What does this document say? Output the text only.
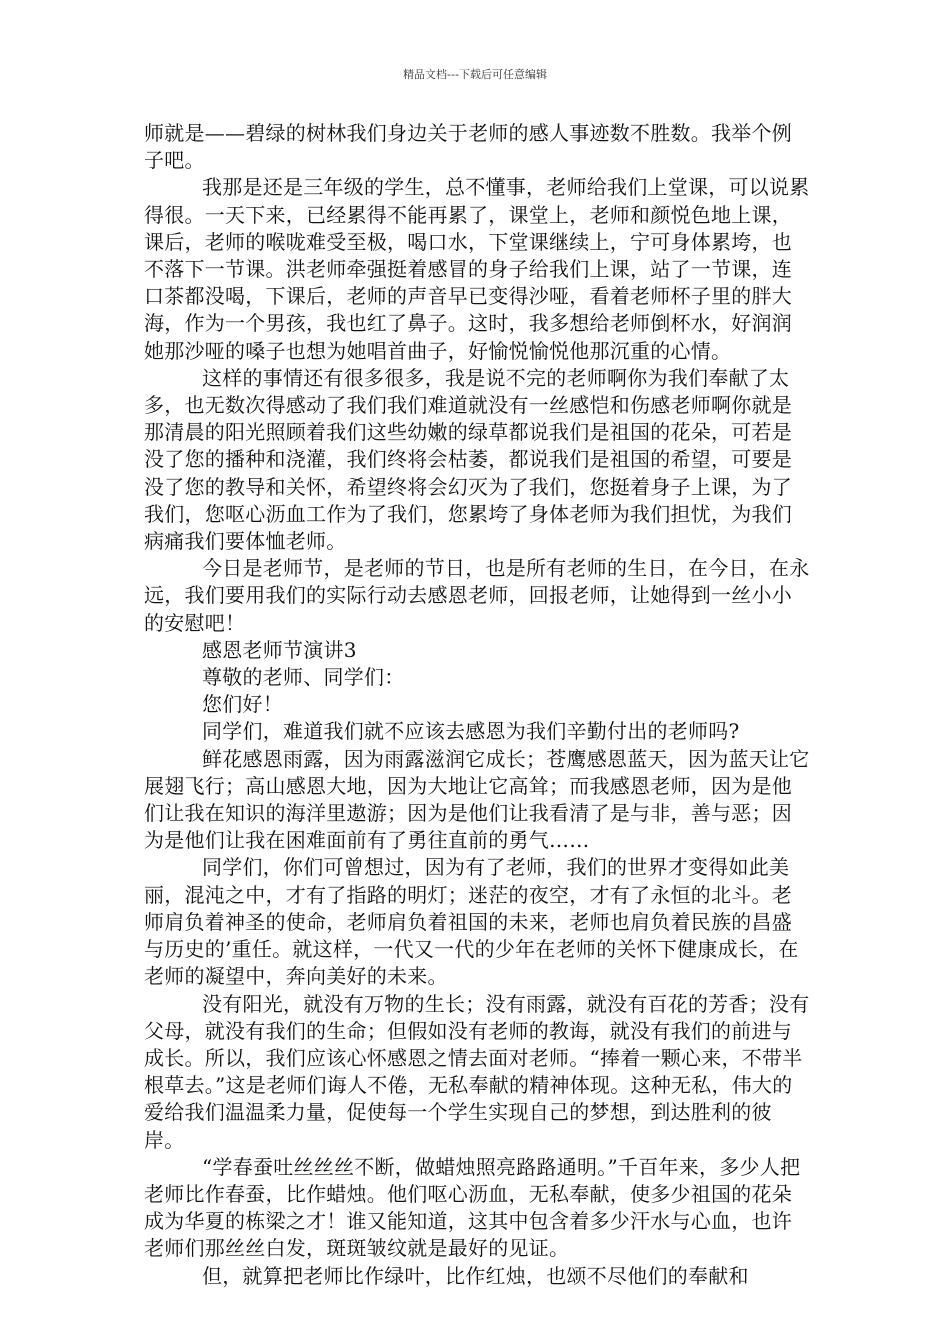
精品文档---下载后可任意编辑

师就是——碧绿的树林我们身边关于老师的感人事迹数不胜数。我举个例子吧。

我那是还是三年级的学生，总不懂事，老师给我们上堂课，可以说累得很。一天下来，已经累得不能再累了，课堂上，老师和颜悦色地上课，课后，老师的喉咙难受至极，喝口水，下堂课继续上，宁可身体累垮，也不落下一节课。洪老师牵强挺着感冒的身子给我们上课，站了一节课，连口茶都没喝，下课后，老师的声音早已变得沙哑，看着老师杯子里的胖大海，作为一个男孩，我也红了鼻子。这时，我多想给老师倒杯水，好润润她那沙哑的嗓子也想为她唱首曲子，好愉悦愉悦他那沉重的心情。

这样的事情还有很多很多，我是说不完的老师啊你为我们奉献了太多，也无数次得感动了我们我们难道就没有一丝感恺和伤感老师啊你就是那清晨的阳光照顾着我们这些幼嫩的绿草都说我们是祖国的花朵，可若是没了您的播种和浇灌，我们终将会枯萎，都说我们是祖国的希望，可要是没了您的教导和关怀，希望终将会幻灭为了我们，您挺着身子上课，为了我们，您呕心沥血工作为了我们，您累垮了身体老师为我们担忧，为我们病痛我们要体恤老师。

今日是老师节，是老师的节日，也是所有老师的生日，在今日，在永远，我们要用我们的实际行动去感恩老师，回报老师，让她得到一丝小小的安慰吧！

感恩老师节演讲3

尊敬的老师、同学们：

您们好！

同学们，难道我们就不应该去感恩为我们辛勤付出的老师吗?

鲜花感恩雨露，因为雨露滋润它成长；苍鹰感恩蓝天，因为蓝天让它展翅飞行；高山感恩大地，因为大地让它高耸；而我感恩老师，因为是他们让我在知识的海洋里遨游；因为是他们让我看清了是与非，善与恶；因为是他们让我在困难面前有了勇往直前的勇气……

同学们，你们可曾想过，因为有了老师，我们的世界才变得如此美丽，混沌之中，才有了指路的明灯；迷茫的夜空，才有了永恒的北斗。老师肩负着神圣的使命，老师肩负着祖国的未来，老师也肩负着民族的昌盛与历史的’重任。就这样，一代又一代的少年在老师的关怀下健康成长，在老师的凝望中，奔向美好的未来。

没有阳光，就没有万物的生长；没有雨露，就没有百花的芳香；没有父母，就没有我们的生命；但假如没有老师的教诲，就没有我们的前进与成长。所以，我们应该心怀感恩之情去面对老师。“捧着一颗心来，不带半根草去。”这是老师们诲人不倦，无私奉献的精神体现。这种无私，伟大的爱给我们温温柔力量，促使每一个学生实现自己的梦想，到达胜利的彼岸。

“学春蚕吐丝丝丝不断，做蜡烛照亮路路通明。”千百年来，多少人把老师比作春蚕，比作蜡烛。他们呕心沥血，无私奉献，使多少祖国的花朵成为华夏的栋梁之才！谁又能知道，这其中包含着多少汗水与心血，也许老师们那丝丝白发，斑斑皱纹就是最好的见证。

但，就算把老师比作绿叶，比作红烛，也颂不尽他们的奉献和
